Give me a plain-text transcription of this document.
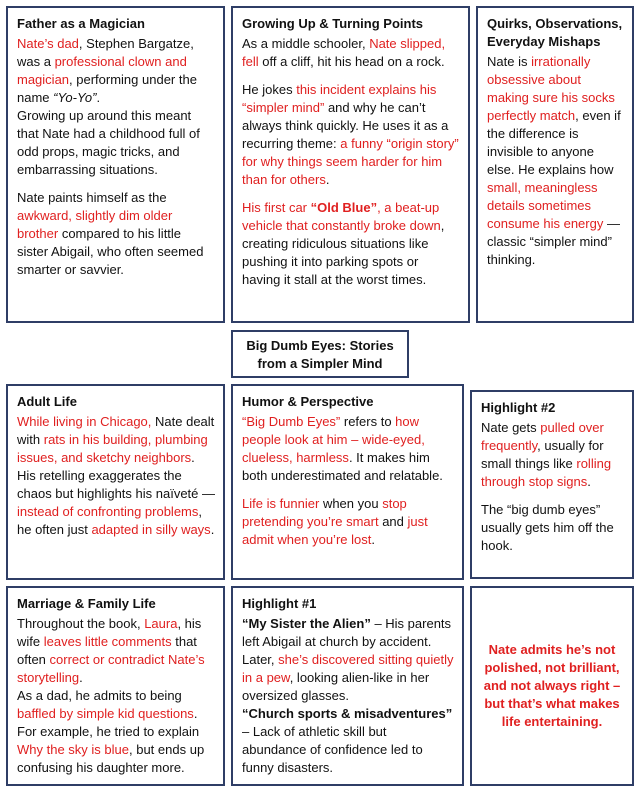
Father as a Magician
Nate’s dad, Stephen Bargatze, was a professional clown and magician, performing under the name “Yo-Yo”.
Growing up around this meant that Nate had a childhood full of odd props, magic tricks, and embarrassing situations.
Nate paints himself as the awkward, slightly dim older brother compared to his little sister Abigail, who often seemed smarter or savvier.
Growing Up & Turning Points
As a middle schooler, Nate slipped, fell off a cliff, hit his head on a rock.
He jokes this incident explains his “simpler mind” and why he can’t always think quickly. He uses it as a recurring theme: a funny “origin story” for why things seem harder for him than for others.
His first car “Old Blue”, a beat-up vehicle that constantly broke down, creating ridiculous situations like pushing it into parking spots or having it stall at the worst times.
Quirks, Observations, Everyday Mishaps
Nate is irrationally obsessive about making sure his socks perfectly match, even if the difference is invisible to anyone else. He explains how small, meaningless details sometimes consume his energy — classic “simpler mind” thinking.
Big Dumb Eyes: Stories
from a Simpler Mind
Adult Life
While living in Chicago, Nate dealt with rats in his building, plumbing issues, and sketchy neighbors. His retelling exaggerates the chaos but highlights his naïveté — instead of confronting problems, he often just adapted in silly ways.
Humor & Perspective
“Big Dumb Eyes” refers to how people look at him – wide-eyed, clueless, harmless. It makes him both underestimated and relatable.
Life is funnier when you stop pretending you’re smart and just admit when you’re lost.
Highlight #2
Nate gets pulled over frequently, usually for small things like rolling through stop signs.
The “big dumb eyes” usually gets him off the hook.
Marriage & Family Life
Throughout the book, Laura, his wife leaves little comments that often correct or contradict Nate’s storytelling.
As a dad, he admits to being baffled by simple kid questions. For example, he tried to explain Why the sky is blue, but ends up confusing his daughter more.
Highlight #1
“My Sister the Alien” – His parents left Abigail at church by accident. Later, she’s discovered sitting quietly in a pew, looking alien-like in her oversized glasses.
“Church sports & misadventures” – Lack of athletic skill but abundance of confidence led to funny disasters.
Nate admits he’s not polished, not brilliant, and not always right – but that’s what makes life entertaining.
